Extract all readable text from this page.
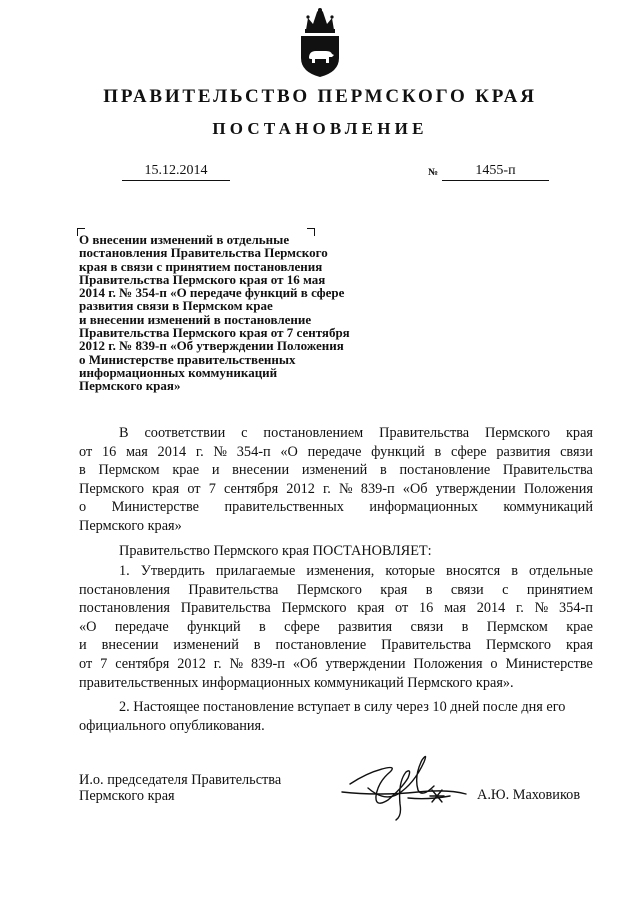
ПРАВИТЕЛЬСТВО ПЕРМСКОГО КРАЯ
ПОСТАНОВЛЕНИЕ
15.12.2014	№	1455-п
О внесении изменений в отдельные
постановления Правительства Пермского
края в связи с принятием постановления
Правительства Пермского края от 16 мая
2014 г. № 354-п «О передаче функций в сфере
развития связи в Пермском крае
и внесении изменений в постановление
Правительства Пермского края от 7 сентября
2012 г. № 839-п «Об утверждении Положения
о Министерстве правительственных
информационных коммуникаций
Пермского края»
В соответствии с постановлением Правительства Пермского края
от 16 мая 2014 г. № 354-п «О передаче функций в сфере развития связи
в Пермском крае и внесении изменений в постановление Правительства
Пермского края от 7 сентября 2012 г. № 839-п «Об утверждении Положения
о Министерстве правительственных информационных коммуникаций
Пермского края»
Правительство Пермского края ПОСТАНОВЛЯЕТ:
1. Утвердить прилагаемые изменения, которые вносятся в отдельные
постановления Правительства Пермского края в связи с принятием
постановления Правительства Пермского края от 16 мая 2014 г. № 354-п
«О передаче функций в сфере развития связи в Пермском крае
и внесении изменений в постановление Правительства Пермского края
от 7 сентября 2012 г. № 839-п «Об утверждении Положения о Министерстве
правительственных информационных коммуникаций Пермского края».
2. Настоящее постановление вступает в силу через 10 дней после дня его
официального опубликования.
И.о. председателя Правительства
Пермского края	А.Ю. Маховиков
